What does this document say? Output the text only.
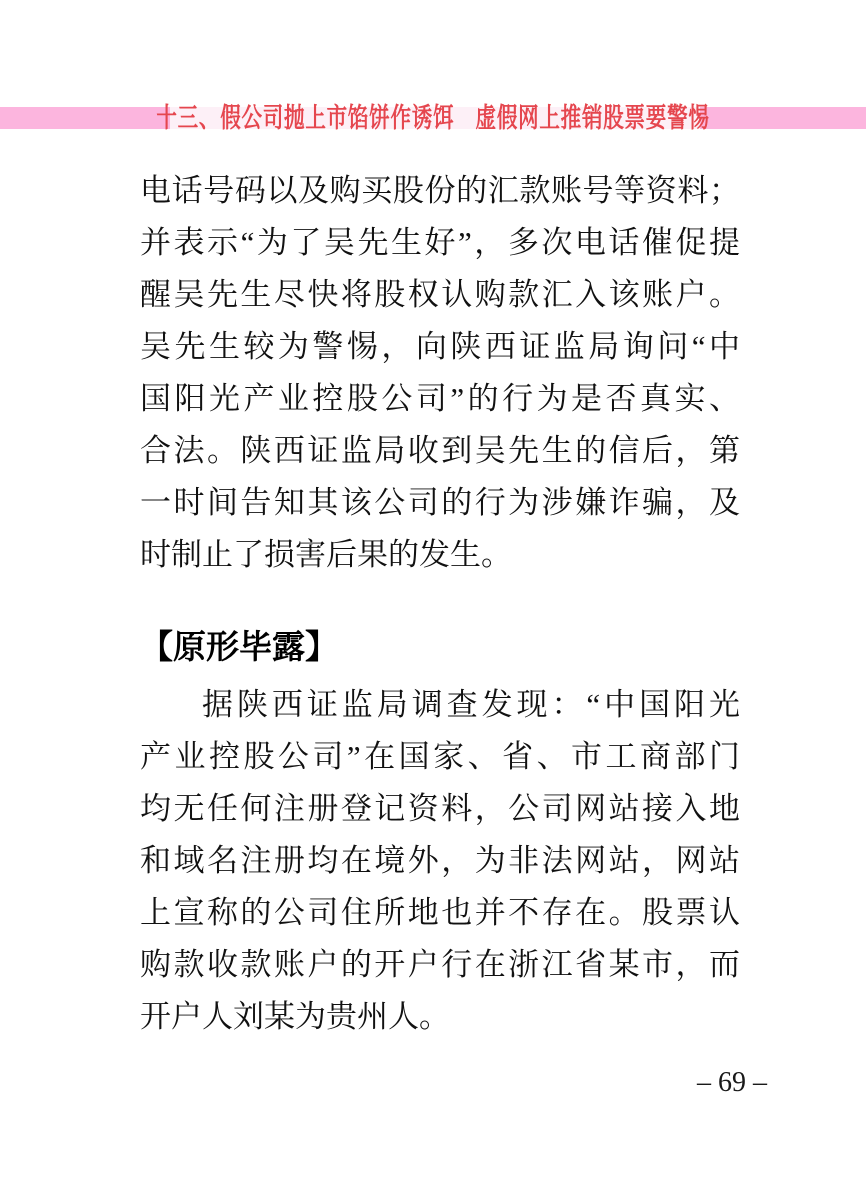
十三、假公司抛上市馅饼作诱饵　虚假网上推销股票要警惕
电话号码以及购买股份的汇款账号等资料；
并表示“为了吴先生好”，多次电话催促提
醒吴先生尽快将股权认购款汇入该账户。
吴先生较为警惕，向陕西证监局询问“中
国阳光产业控股公司”的行为是否真实、
合法。陕西证监局收到吴先生的信后，第
一时间告知其该公司的行为涉嫌诈骗，及
时制止了损害后果的发生。
【原形毕露】
据陕西证监局调查发现：“中国阳光
产业控股公司”在国家、省、市工商部门
均无任何注册登记资料，公司网站接入地
和域名注册均在境外，为非法网站，网站
上宣称的公司住所地也并不存在。股票认
购款收款账户的开户行在浙江省某市，而
开户人刘某为贵州人。
– 69 –
